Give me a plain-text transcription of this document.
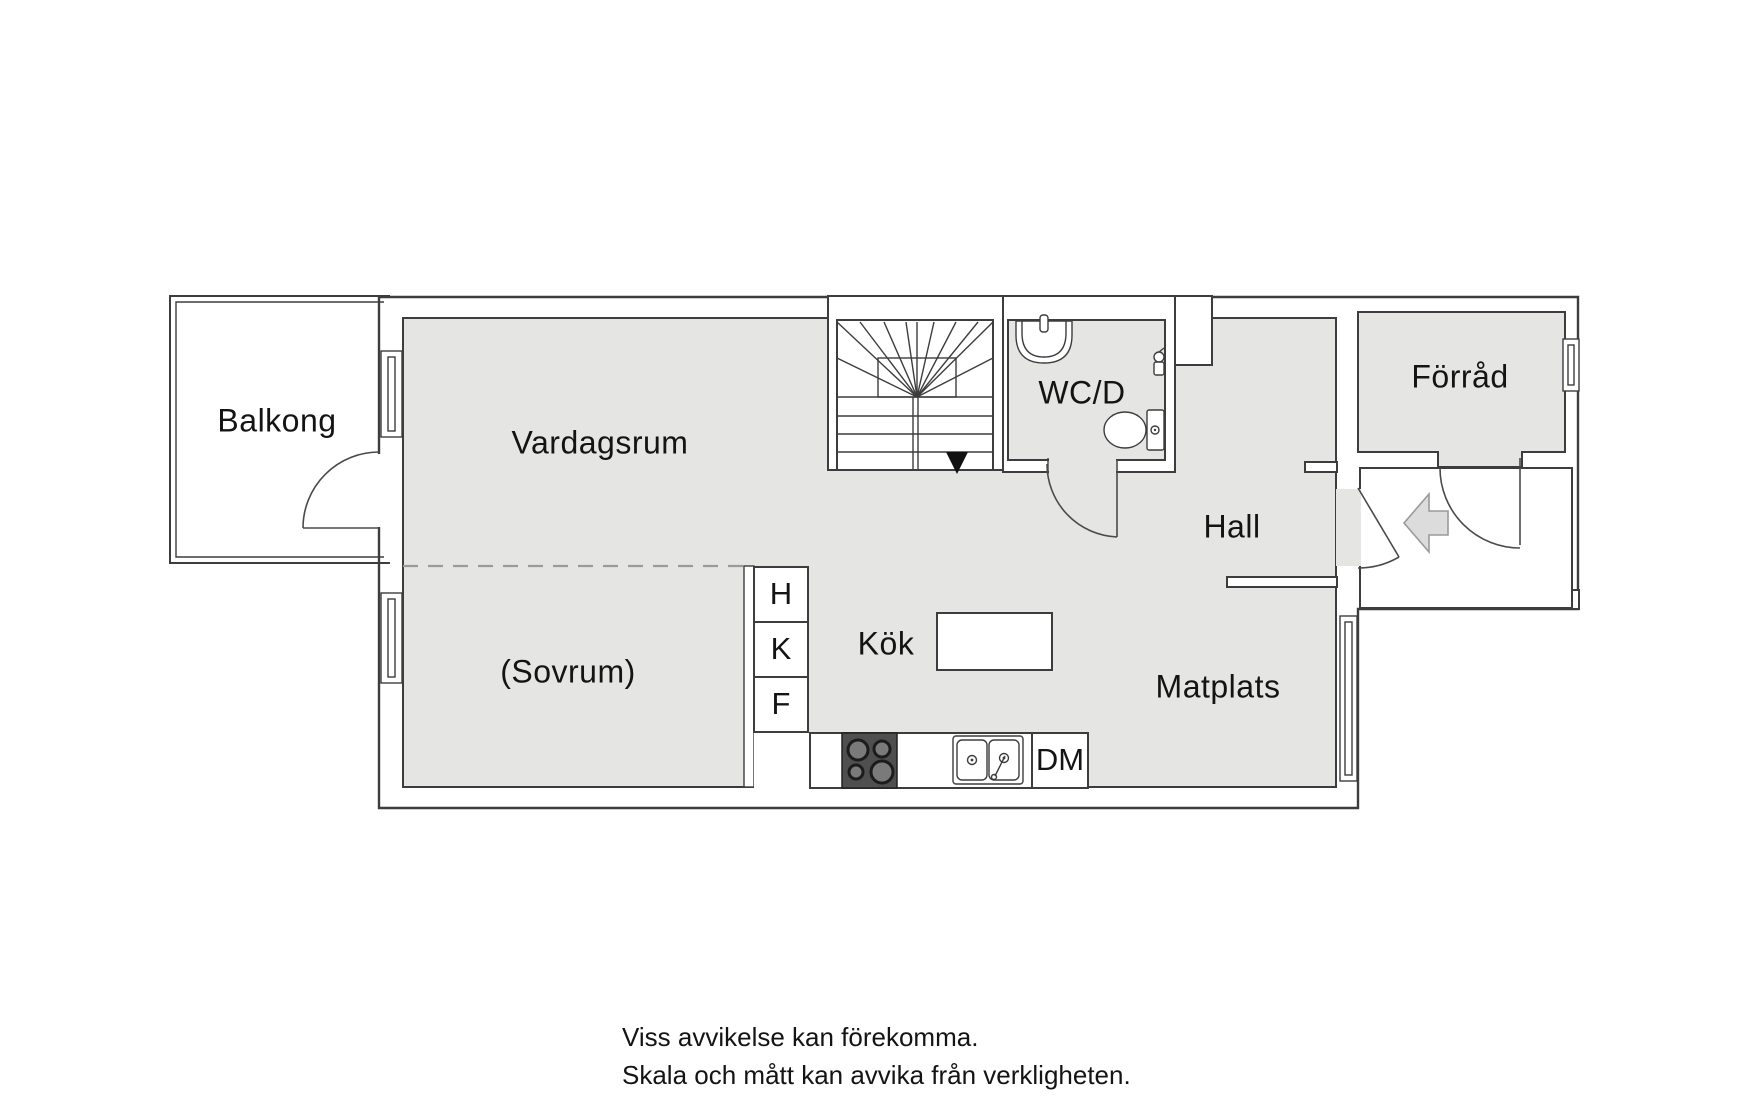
Balkong
Vardagsrum
WC/D
Hall
Förråd
(Sovrum)
Kök
Matplats
H
K
F
DM
Viss avvikelse kan förekomma.
Skala och mått kan avvika från verkligheten.
